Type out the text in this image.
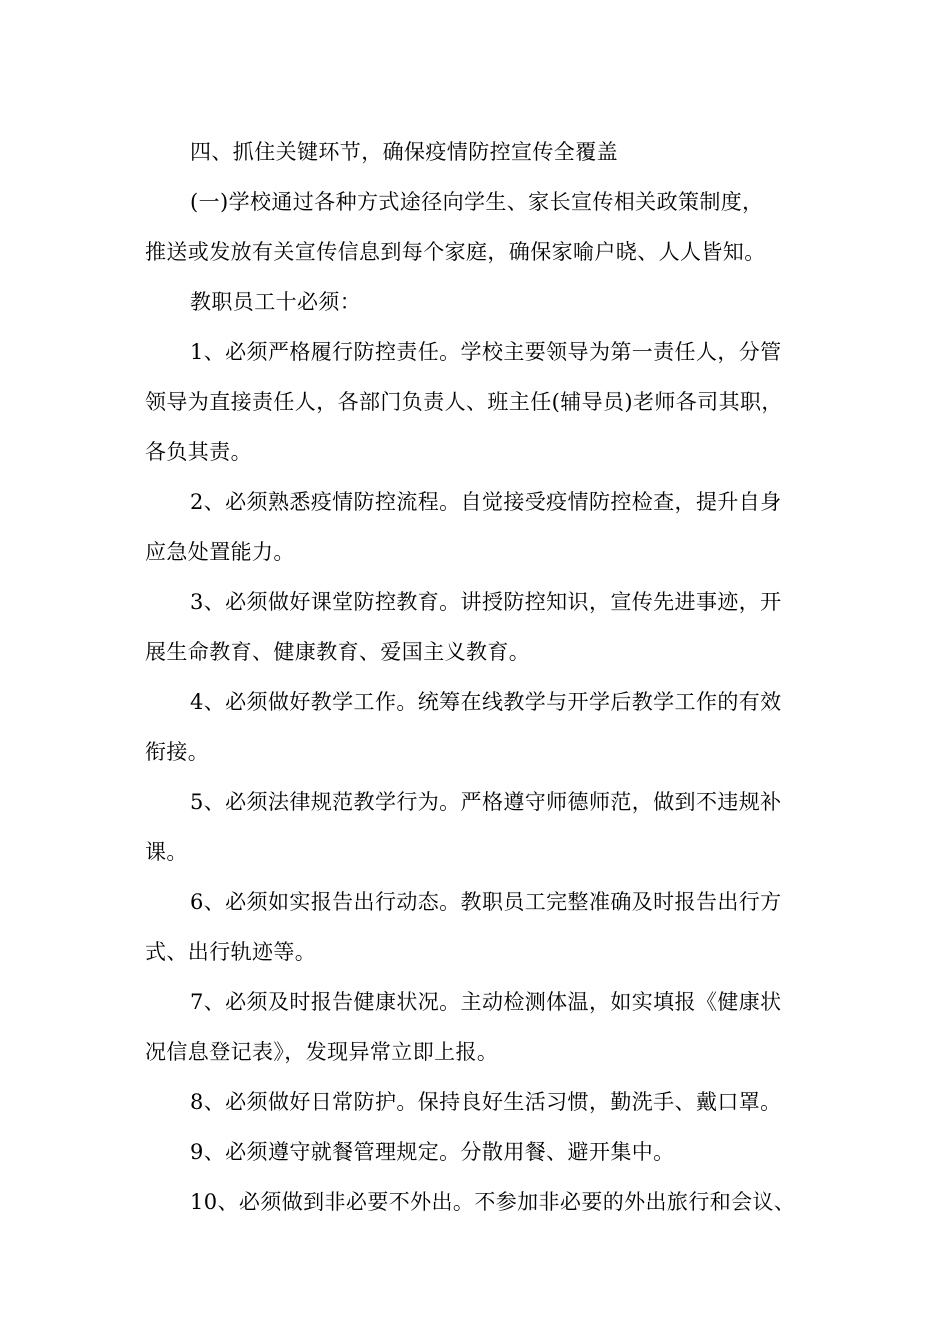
四、抓住关键环节，确保疫情防控宣传全覆盖
(一)学校通过各种方式途径向学生、家长宣传相关政策制度，
推送或发放有关宣传信息到每个家庭，确保家喻户晓、人人皆知。
教职员工十必须：
1、必须严格履行防控责任。学校主要领导为第一责任人，分管
领导为直接责任人，各部门负责人、班主任(辅导员)老师各司其职，
各负其责。
2、必须熟悉疫情防控流程。自觉接受疫情防控检查，提升自身
应急处置能力。
3、必须做好课堂防控教育。讲授防控知识，宣传先进事迹，开
展生命教育、健康教育、爱国主义教育。
4、必须做好教学工作。统筹在线教学与开学后教学工作的有效
衔接。
5、必须法律规范教学行为。严格遵守师德师范，做到不违规补
课。
6、必须如实报告出行动态。教职员工完整准确及时报告出行方
式、出行轨迹等。
7、必须及时报告健康状况。主动检测体温，如实填报《健康状
况信息登记表》，发现异常立即上报。
8、必须做好日常防护。保持良好生活习惯，勤洗手、戴口罩。
9、必须遵守就餐管理规定。分散用餐、避开集中。
10、必须做到非必要不外出。不参加非必要的外出旅行和会议、
